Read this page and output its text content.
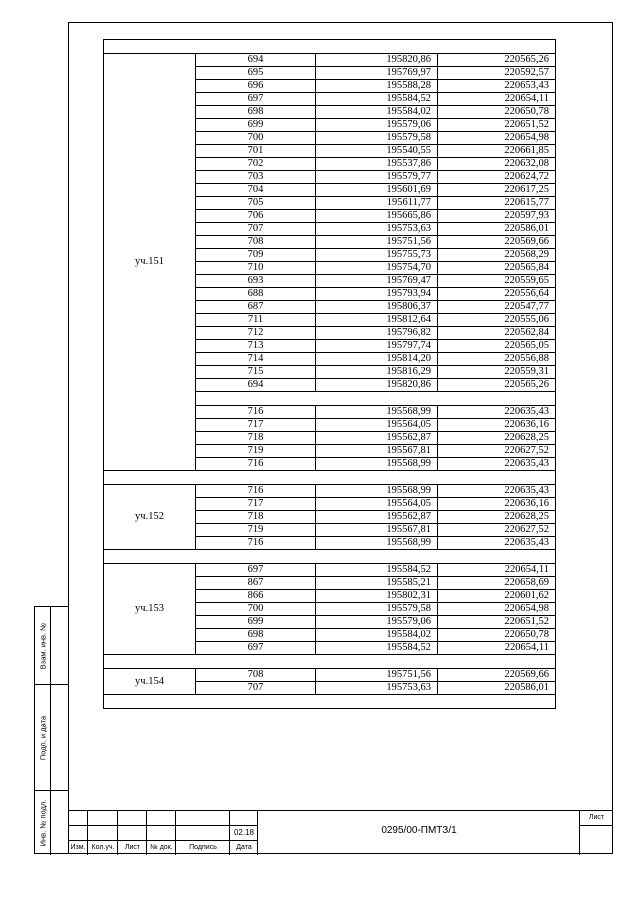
уч.151	694	195820,86	220565,26
	695	195769,97	220592,57
	696	195588,28	220653,43
	697	195584,52	220654,11
	698	195584,02	220650,78
	699	195579,06	220651,52
	700	195579,58	220654,98
	701	195540,55	220661,85
	702	195537,86	220632,08
	703	195579,77	220624,72
	704	195601,69	220617,25
	705	195611,77	220615,77
	706	195665,86	220597,93
	707	195753,63	220586,01
	708	195751,56	220569,66
	709	195755,73	220568,29
	710	195754,70	220565,84
	693	195769,47	220559,65
	688	195793,94	220556,64
	687	195806,37	220547,77
	711	195812,64	220555,06
	712	195796,82	220562,84
	713	195797,74	220565,05
	714	195814,20	220556,88
	715	195816,29	220559,31
	694	195820,86	220565,26

	716	195568,99	220635,43
	717	195564,05	220636,16
	718	195562,87	220628,25
	719	195567,81	220627,52
	716	195568,99	220635,43

уч.152	716	195568,99	220635,43
	717	195564,05	220636,16
	718	195562,87	220628,25
	719	195567,81	220627,52
	716	195568,99	220635,43

уч.153	697	195584,52	220654,11
	867	195585,21	220658,69
	866	195802,31	220601,62
	700	195579,58	220654,98
	699	195579,06	220651,52
	698	195584,02	220650,78
	697	195584,52	220654,11

уч.154	708	195751,56	220569,66
	707	195753,63	220586,01

Взам. инв. №
Подп. и дата
Инв. № подл.
Изм. Кол.уч.	Лист	№ док.	Подпись	Дата
02.18	0295/00-ПМТЗ/1
Лист
